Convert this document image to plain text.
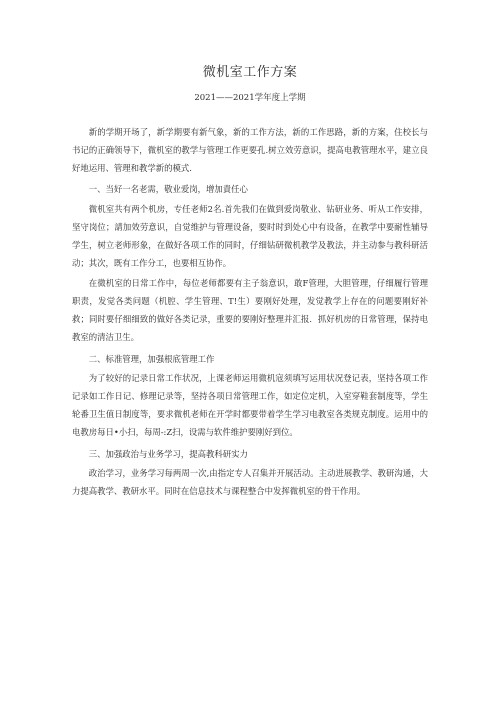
微机室工作方案

2021——2021学年度上学期

新的学期开场了，新学期要有新气象，新的工作方法，新的工作思路，新的方案，住校长与书记的正确领导下，微机室的教学与管理工作更要孔.树立效劳意识，提高电教管理水平，建立良好地运用、管理和教学新的模式.

一、当好一名老需，敬业爱岗，增加責任心

微机室共有两个机房，专任老师2名.首先我们在做到爱岗敬业、钻研业务、听从工作安排，坚守岗位；請加效劳意识，自觉维护与管理设备，要时时到处心中有设备，在教学中要耐性辅导学生，树立老师形象，在做好各项工作的同时，仔细钻研微机教学及教法，并主动参与教科研活动；其次，既有工作分工，也要相互协作。

在微机室的日常工作中，每位老师都要有主子翁意识，敢F管理，大胆管理，仔细履行管理职责，发觉各类问题（机腔、学生管理、T!生）要刚好处理，发觉教学上存在的问题要刚好补救；同时要仔细细致的做好各类记录，重要的要刚好整理并汇报．抓好机房的日常管理，保持电教室的清洁卫生。

二、标准管理，加强根底管理工作

为了较好的记录日常工作状况，上课老师运用微机寇须填写运用状况登记表，坚持各项工作记录如工作日记、修理记录等，坚持各项日常管理工作，如定位定机，入室穿鞋套制度等，学生轮番卫生值日制度等，要求微机老师在开学时都要带着学生学习电教室各类规克制度。运用中的电教房每日•小扫，每周-:Z扫，设需与软件维护要刚好到位。

三、加强政治与业务学习，提高教科研实力

政治学习，业务学习每两周一次,由指定专人召集并开展活动。主动进展教学、教研沟通，大力提高教学、教研水平。同时在信息技术与课程整合中发挥微机室的骨干作用。
